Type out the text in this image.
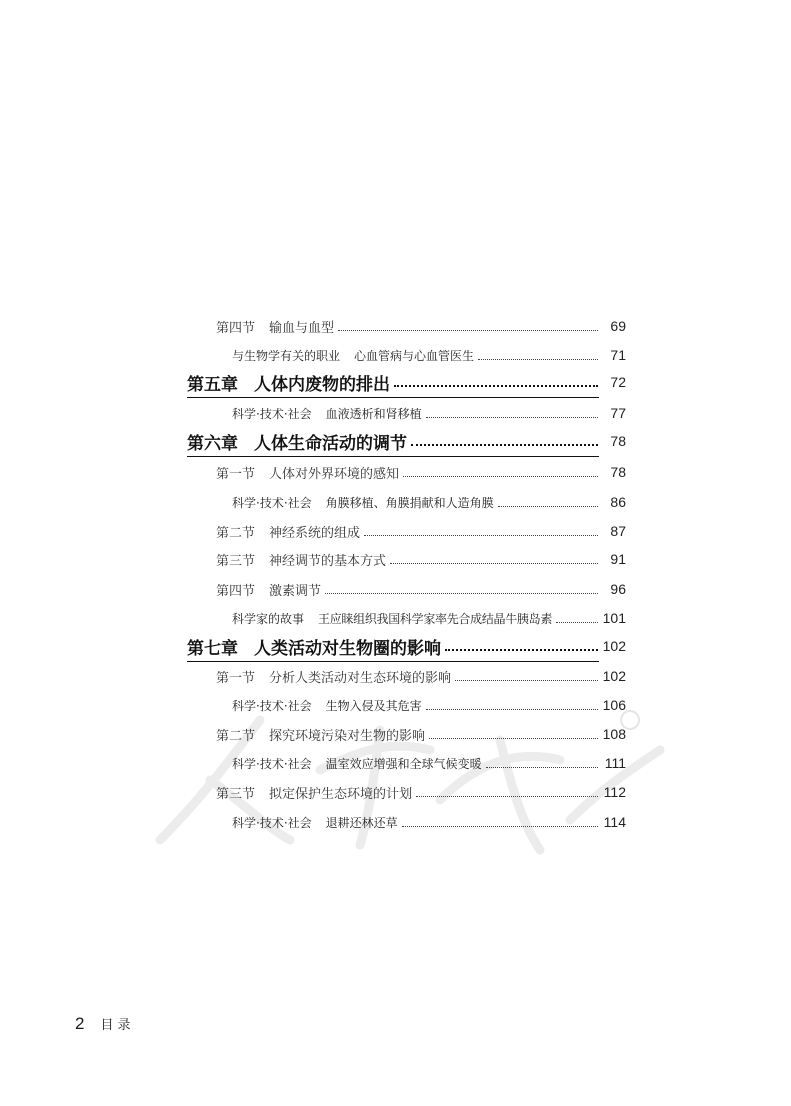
第四节 输血与血型	69
与生物学有关的职业 心血管病与心血管医生	71
第五章 人体内废物的排出	72
科学·技术·社会 血液透析和肾移植	77
第六章 人体生命活动的调节	78
第一节 人体对外界环境的感知	78
科学·技术·社会 角膜移植、角膜捐献和人造角膜	86
第二节 神经系统的组成	87
第三节 神经调节的基本方式	91
第四节 激素调节	96
科学家的故事 王应睐组织我国科学家率先合成结晶牛胰岛素	101
第七章 人类活动对生物圈的影响	102
第一节 分析人类活动对生态环境的影响	102
科学·技术·社会 生物入侵及其危害	106
第二节 探究环境污染对生物的影响	108
科学·技术·社会 温室效应增强和全球气候变暖	111
第三节 拟定保护生态环境的计划	112
科学·技术·社会 退耕还林还草	114
2 目录
